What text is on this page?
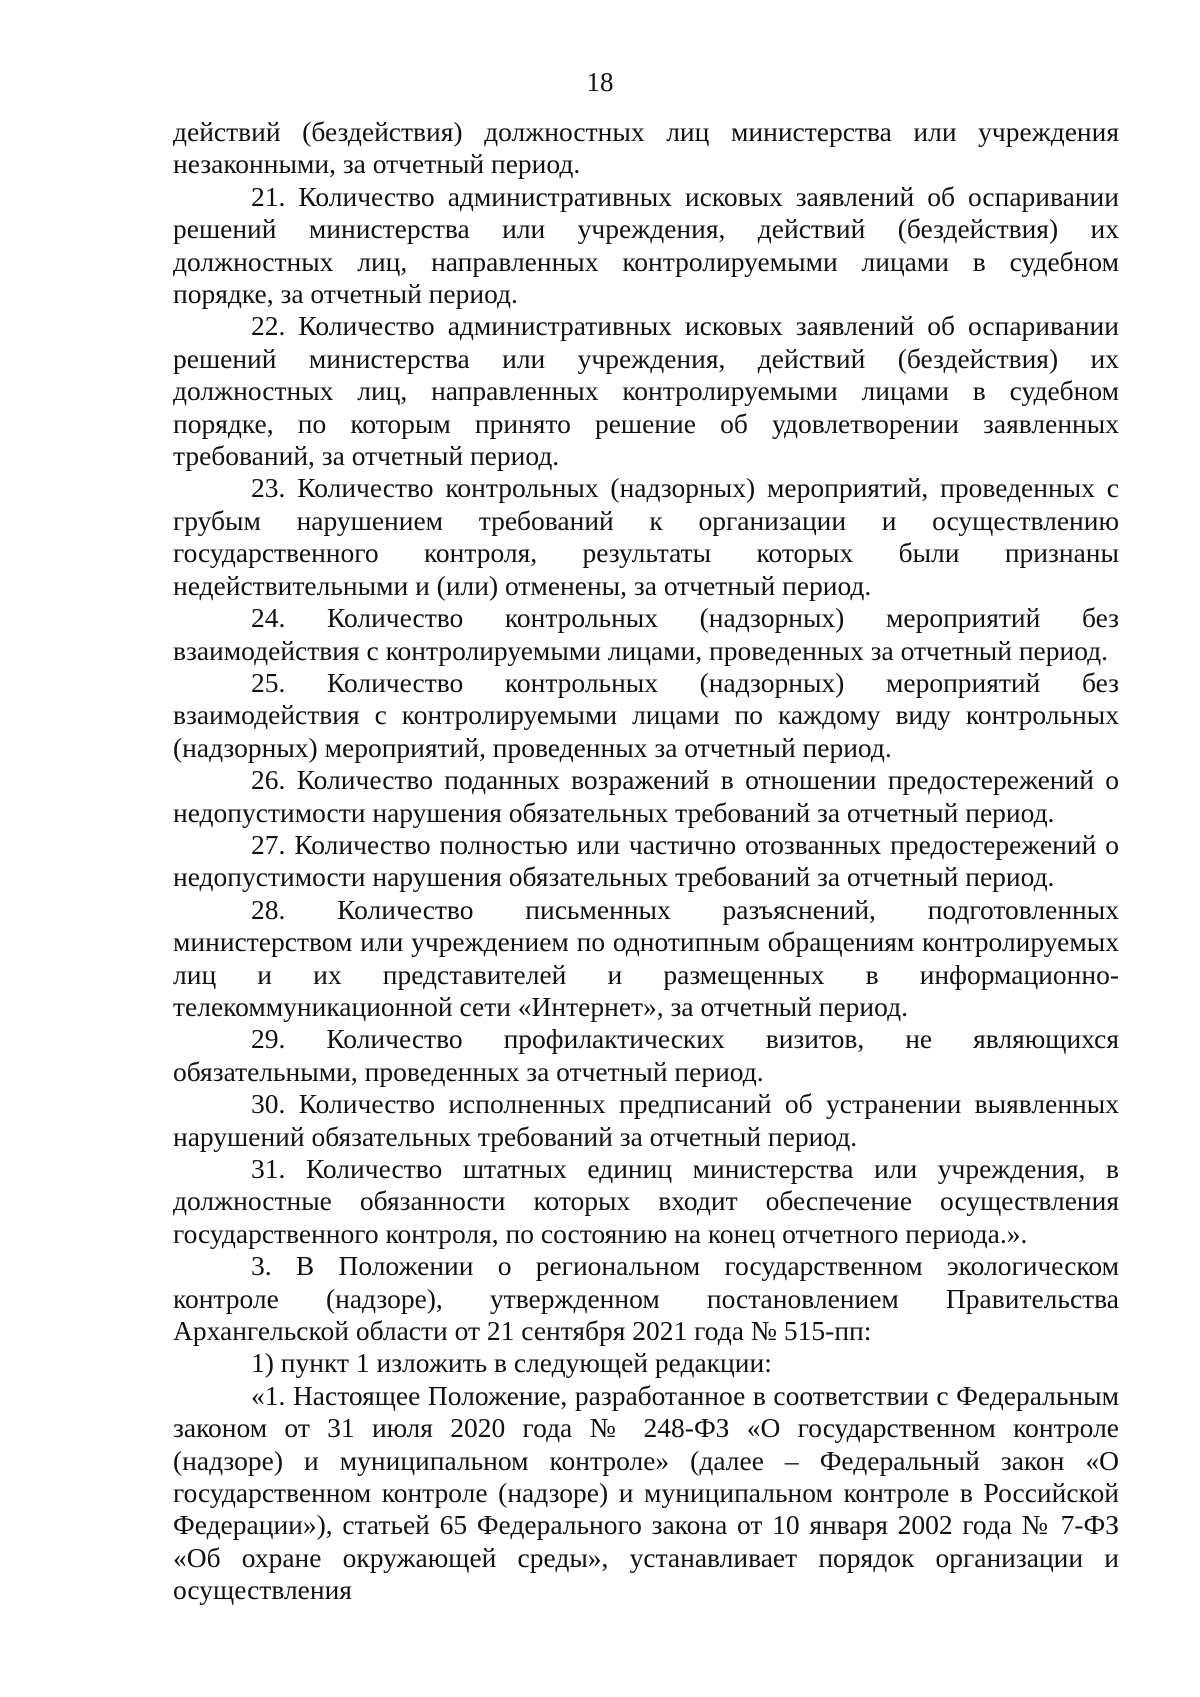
18

действий (бездействия) должностных лиц министерства или учреждения незаконными, за отчетный период.

21. Количество административных исковых заявлений об оспаривании решений министерства или учреждения, действий (бездействия) их должностных лиц, направленных контролируемыми лицами в судебном порядке, за отчетный период.

22. Количество административных исковых заявлений об оспаривании решений министерства или учреждения, действий (бездействия) их должностных лиц, направленных контролируемыми лицами в судебном порядке, по которым принято решение об удовлетворении заявленных требований, за отчетный период.

23. Количество контрольных (надзорных) мероприятий, проведенных с грубым нарушением требований к организации и осуществлению государственного контроля, результаты которых были признаны недействительными и (или) отменены, за отчетный период.

24. Количество контрольных (надзорных) мероприятий без взаимодействия с контролируемыми лицами, проведенных за отчетный период.

25. Количество контрольных (надзорных) мероприятий без взаимодействия с контролируемыми лицами по каждому виду контрольных (надзорных) мероприятий, проведенных за отчетный период.

26. Количество поданных возражений в отношении предостережений о недопустимости нарушения обязательных требований за отчетный период.

27. Количество полностью или частично отозванных предостережений о недопустимости нарушения обязательных требований за отчетный период.

28. Количество письменных разъяснений, подготовленных министерством или учреждением по однотипным обращениям контролируемых лиц и их представителей и размещенных в информационно-телекоммуникационной сети «Интернет», за отчетный период.

29. Количество профилактических визитов, не являющихся обязательными, проведенных за отчетный период.

30. Количество исполненных предписаний об устранении выявленных нарушений обязательных требований за отчетный период.

31. Количество штатных единиц министерства или учреждения, в должностные обязанности которых входит обеспечение осуществления государственного контроля, по состоянию на конец отчетного периода.».

3. В Положении о региональном государственном экологическом контроле (надзоре), утвержденном постановлением Правительства Архангельской области от 21 сентября 2021 года № 515-пп:

1) пункт 1 изложить в следующей редакции:

«1. Настоящее Положение, разработанное в соответствии с Федеральным законом от 31 июля 2020 года № 248-ФЗ «О государственном контроле (надзоре) и муниципальном контроле» (далее – Федеральный закон «О государственном контроле (надзоре) и муниципальном контроле в Российской Федерации»), статьей 65 Федерального закона от 10 января 2002 года № 7-ФЗ «Об охране окружающей среды», устанавливает порядок организации и осуществления
